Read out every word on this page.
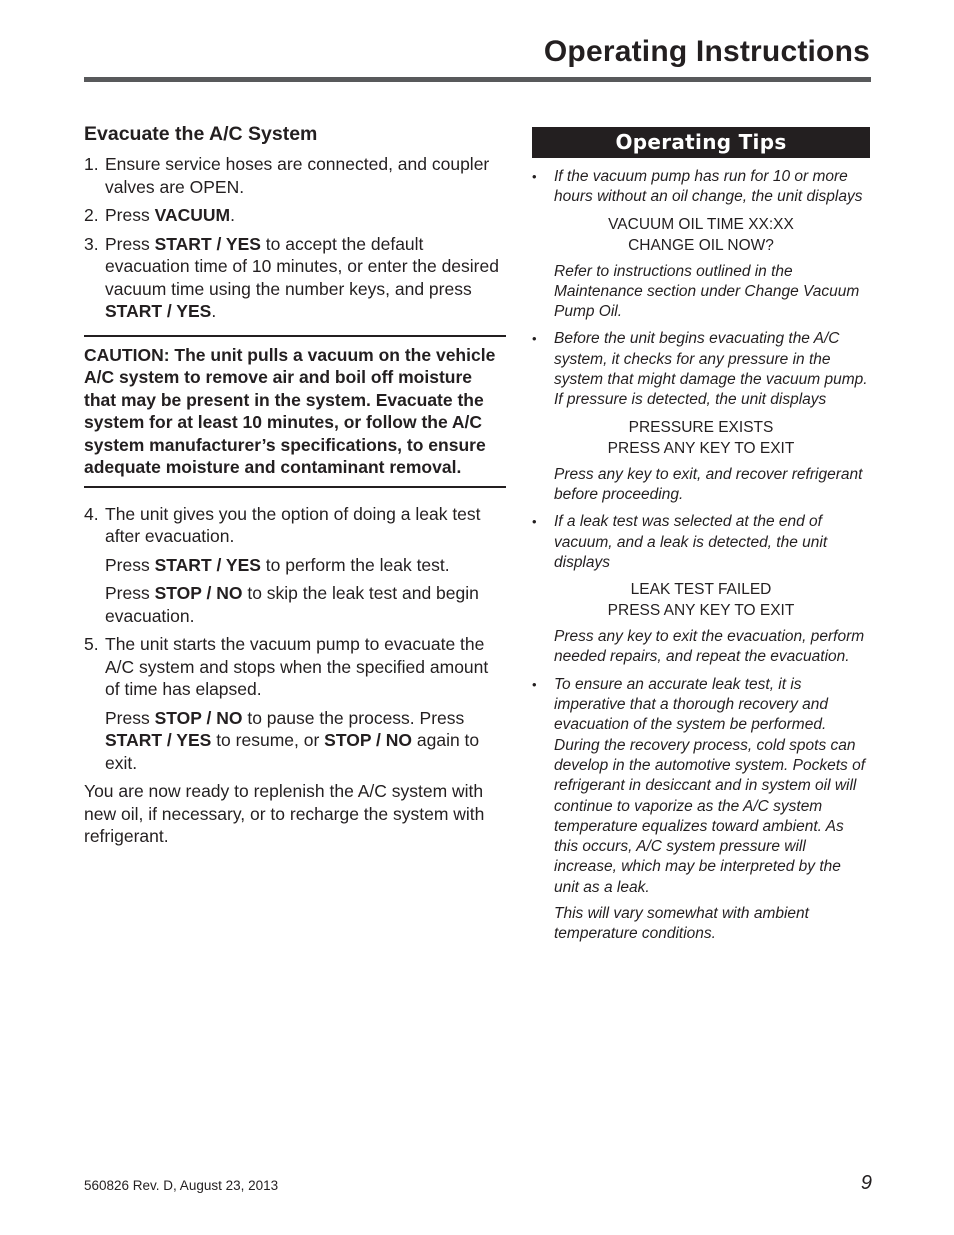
Operating Instructions
Evacuate the A/C System
1. Ensure service hoses are connected, and coupler valves are OPEN.
2. Press VACUUM.
3. Press START / YES to accept the default evacuation time of 10 minutes, or enter the desired vacuum time using the number keys, and press START / YES.
CAUTION: The unit pulls a vacuum on the vehicle A/C system to remove air and boil off moisture that may be present in the system. Evacuate the system for at least 10 minutes, or follow the A/C system manufacturer’s specifications, to ensure adequate moisture and contaminant removal.
4. The unit gives you the option of doing a leak test after evacuation.

Press START / YES to perform the leak test.

Press STOP / NO to skip the leak test and begin evacuation.

5. The unit starts the vacuum pump to evacuate the A/C system and stops when the specified amount of time has elapsed.

Press STOP / NO to pause the process. Press START / YES to resume, or STOP / NO again to exit.

You are now ready to replenish the A/C system with new oil, if necessary, or to recharge the system with refrigerant.

Operating Tips
• If the vacuum pump has run for 10 or more hours without an oil change, the unit displays

VACUUM OIL TIME XX:XX
CHANGE OIL NOW?

Refer to instructions outlined in the Maintenance section under Change Vacuum Pump Oil.

• Before the unit begins evacuating the A/C system, it checks for any pressure in the system that might damage the vacuum pump. If pressure is detected, the unit displays

PRESSURE EXISTS
PRESS ANY KEY TO EXIT

Press any key to exit, and recover refrigerant before proceeding.

• If a leak test was selected at the end of vacuum, and a leak is detected, the unit displays

LEAK TEST FAILED
PRESS ANY KEY TO EXIT

Press any key to exit the evacuation, perform needed repairs, and repeat the evacuation.

• To ensure an accurate leak test, it is imperative that a thorough recovery and evacuation of the system be performed. During the recovery process, cold spots can develop in the automotive system. Pockets of refrigerant in desiccant and in system oil will continue to vaporize as the A/C system temperature equalizes toward ambient. As this occurs, A/C system pressure will increase, which may be interpreted by the unit as a leak.

This will vary somewhat with ambient temperature conditions.

560826 Rev. D, August 23, 2013	9
